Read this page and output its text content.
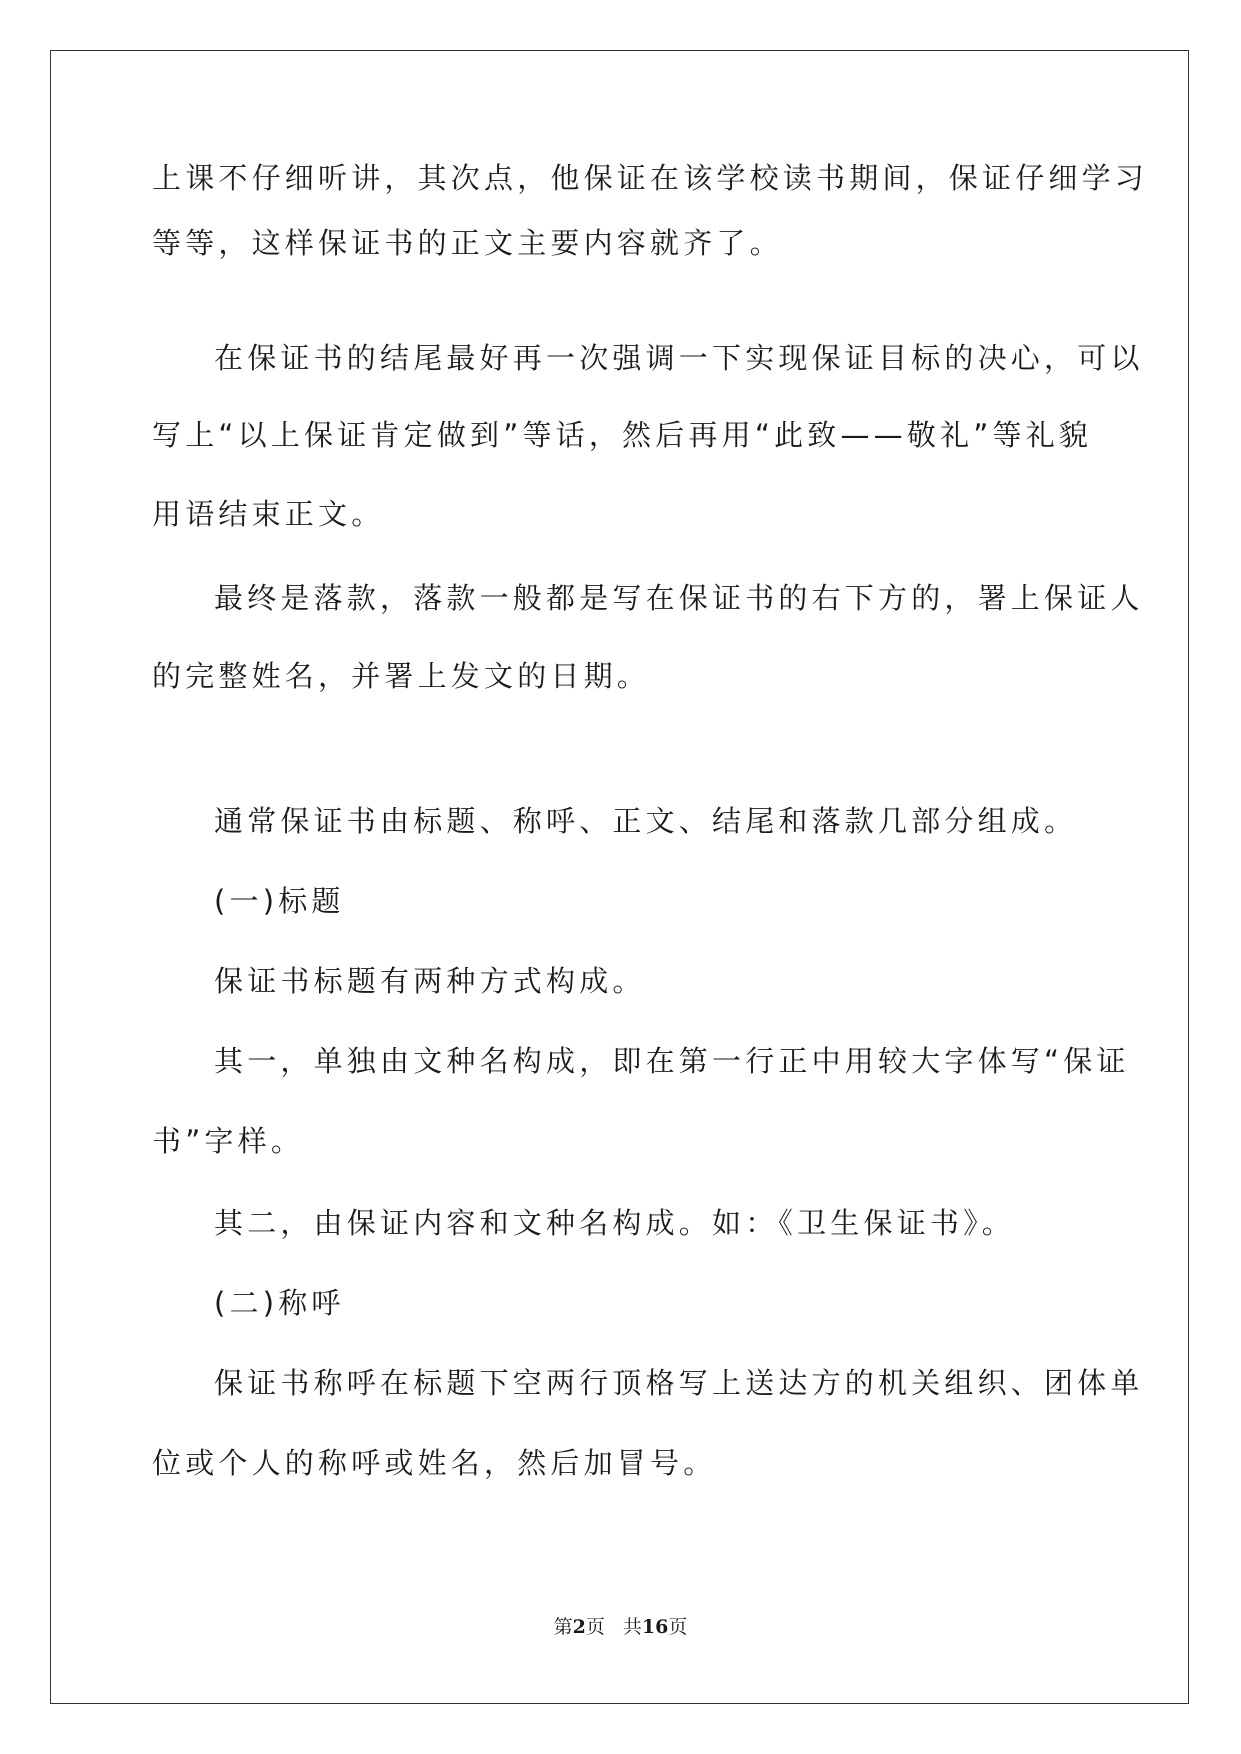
上课不仔细听讲，其次点，他保证在该学校读书期间，保证仔细学习
等等，这样保证书的正文主要内容就齐了。
在保证书的结尾最好再一次强调一下实现保证目标的决心，可以
写上“以上保证肯定做到”等话，然后再用“此致——敬礼”等礼貌
用语结束正文。
最终是落款，落款一般都是写在保证书的右下方的，署上保证人
的完整姓名，并署上发文的日期。
通常保证书由标题、称呼、正文、结尾和落款几部分组成。
(一)标题
保证书标题有两种方式构成。
其一，单独由文种名构成，即在第一行正中用较大字体写“保证
书”字样。
其二，由保证内容和文种名构成。如：《卫生保证书》。
(二)称呼
保证书称呼在标题下空两行顶格写上送达方的机关组织、团体单
位或个人的称呼或姓名，然后加冒号。
第2页 共16页
